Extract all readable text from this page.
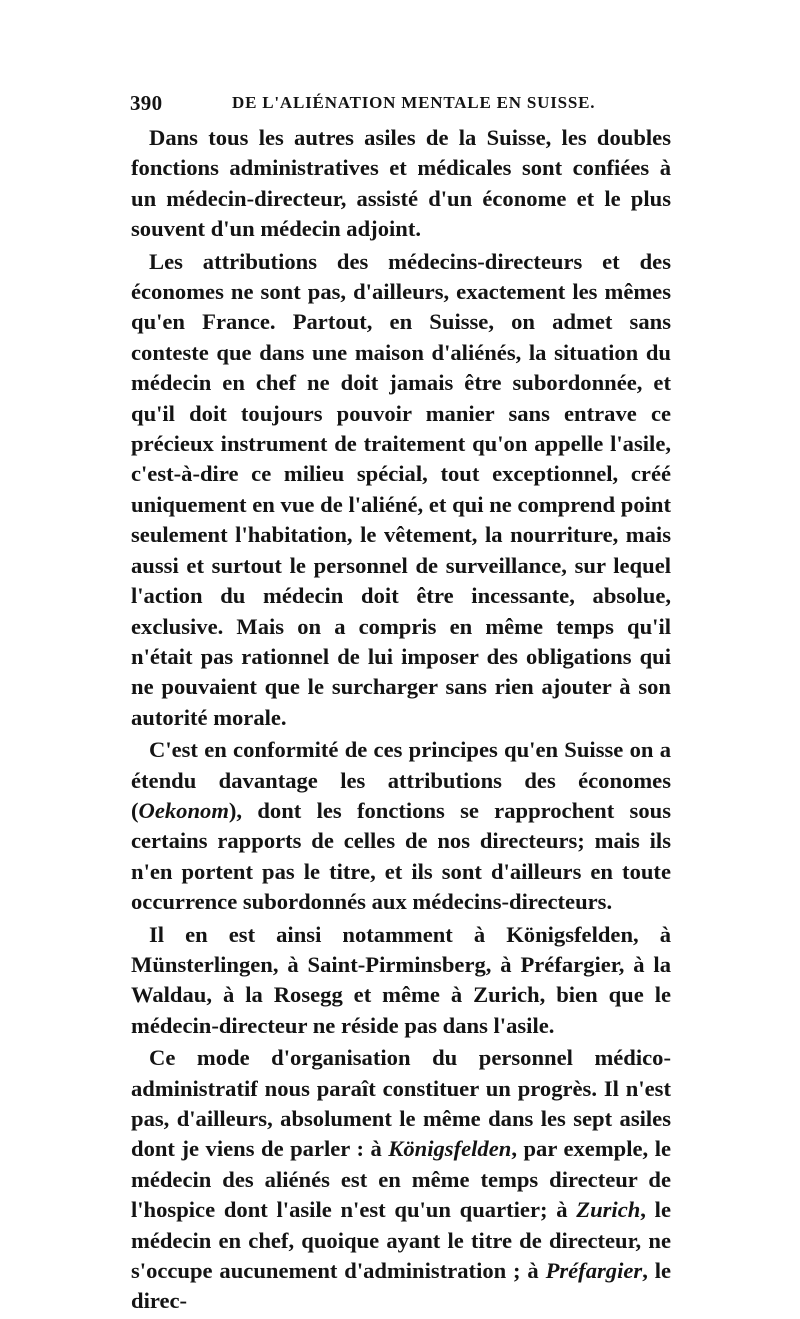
390	DE L'ALIÉNATION MENTALE EN SUISSE.

Dans tous les autres asiles de la Suisse, les doubles fonctions administratives et médicales sont confiées à un médecin-directeur, assisté d'un économe et le plus souvent d'un médecin adjoint.

Les attributions des médecins-directeurs et des économes ne sont pas, d'ailleurs, exactement les mêmes qu'en France. Partout, en Suisse, on admet sans conteste que dans une maison d'aliénés, la situation du médecin en chef ne doit jamais être subordonnée, et qu'il doit toujours pouvoir manier sans entrave ce précieux instrument de traitement qu'on appelle l'asile, c'est-à-dire ce milieu spécial, tout exceptionnel, créé uniquement en vue de l'aliéné, et qui ne comprend point seulement l'habitation, le vêtement, la nourriture, mais aussi et surtout le personnel de surveillance, sur lequel l'action du médecin doit être incessante, absolue, exclusive. Mais on a compris en même temps qu'il n'était pas rationnel de lui imposer des obligations qui ne pouvaient que le surcharger sans rien ajouter à son autorité morale.

C'est en conformité de ces principes qu'en Suisse on a étendu davantage les attributions des économes (Oekonom), dont les fonctions se rapprochent sous certains rapports de celles de nos directeurs; mais ils n'en portent pas le titre, et ils sont d'ailleurs en toute occurrence subordonnés aux médecins-directeurs.

Il en est ainsi notamment à Königsfelden, à Münsterlingen, à Saint-Pirminsberg, à Préfargier, à la Waldau, à la Rosegg et même à Zurich, bien que le médecin-directeur ne réside pas dans l'asile.

Ce mode d'organisation du personnel médico-administratif nous paraît constituer un progrès. Il n'est pas, d'ailleurs, absolument le même dans les sept asiles dont je viens de parler : à Königsfelden, par exemple, le médecin des aliénés est en même temps directeur de l'hospice dont l'asile n'est qu'un quartier; à Zurich, le médecin en chef, quoique ayant le titre de directeur, ne s'occupe aucunement d'administration ; à Préfargier, le direc-
